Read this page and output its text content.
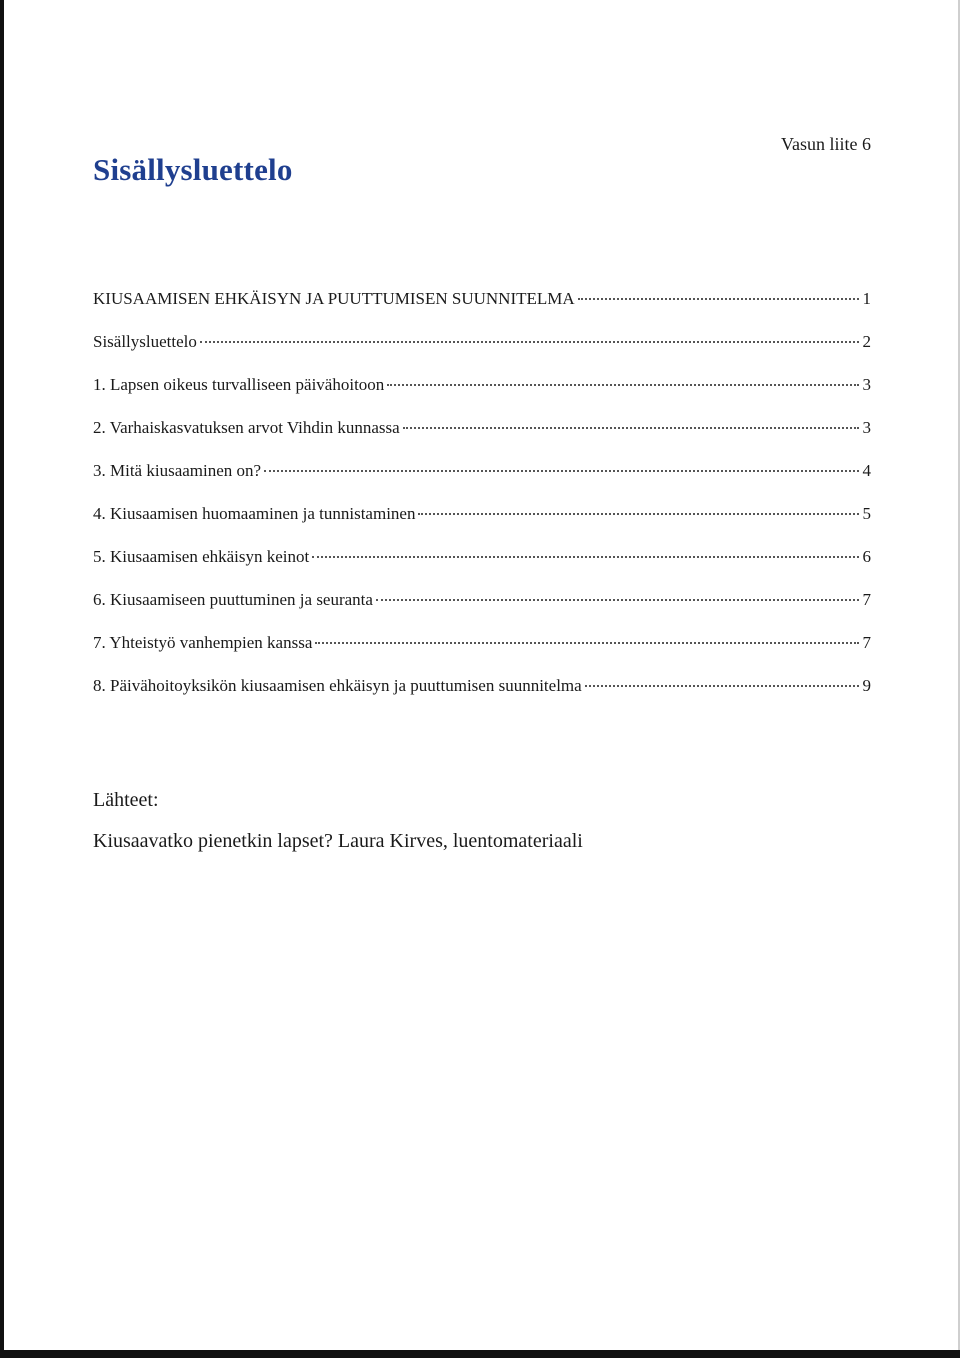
Vasun liite 6
Sisällysluettelo
KIUSAAMISEN EHKÄISYN JA PUUTTUMISEN SUUNNITELMA	1
Sisällysluettelo	2
1. Lapsen oikeus turvalliseen päivähoitoon	3
2. Varhaiskasvatuksen arvot Vihdin kunnassa	3
3. Mitä kiusaaminen on?	4
4. Kiusaamisen huomaaminen ja tunnistaminen	5
5. Kiusaamisen ehkäisyn keinot	6
6. Kiusaamiseen puuttuminen ja seuranta	7
7. Yhteistyö vanhempien kanssa	7
8. Päivähoitoyksikön kiusaamisen ehkäisyn ja puuttumisen suunnitelma	9
Lähteet:

Kiusaavatko pienetkin lapset? Laura Kirves, luentomateriaali
